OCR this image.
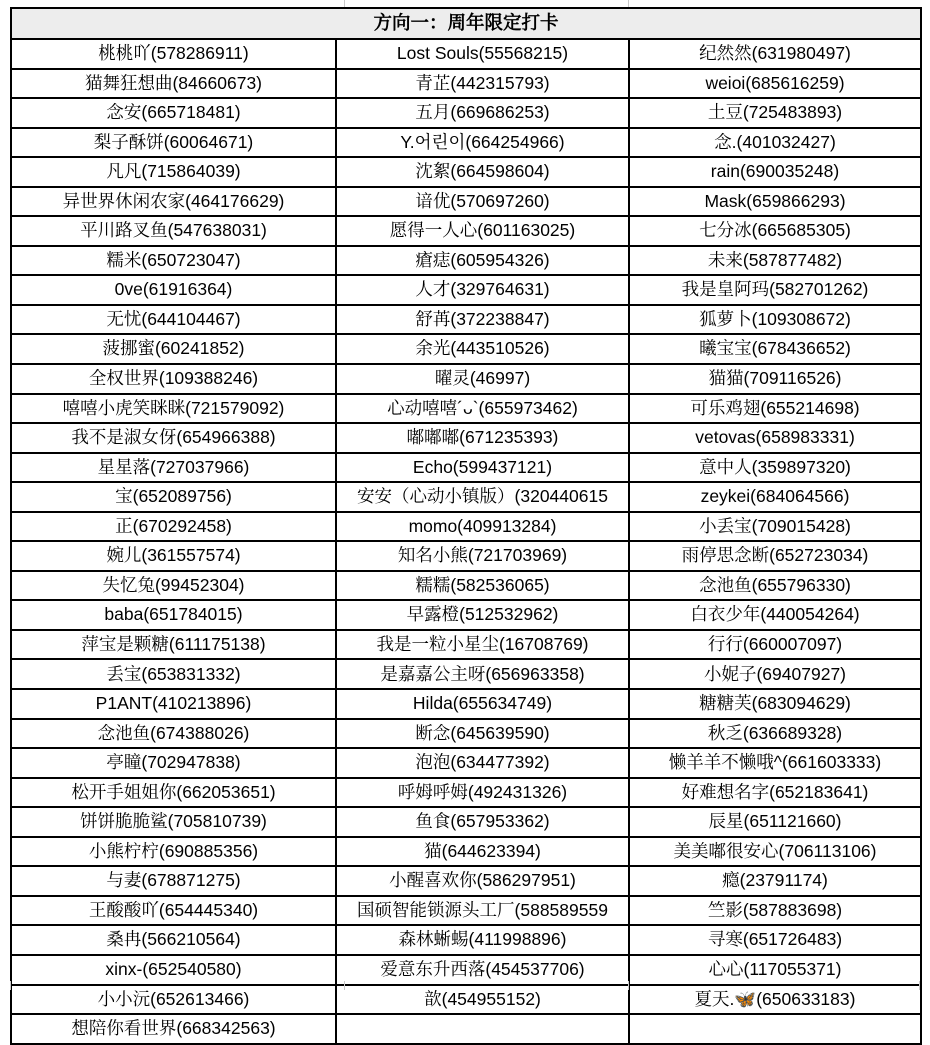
方向一：周年限定打卡		
桃桃吖(578286911)	Lost Souls(55568215)	纪然然(631980497)
猫舞狂想曲(84660673)	青芷(442315793)	weioi(685616259)
念安(665718481)	五月(669686253)	土豆(725483893)
梨子酥饼(60064671)	Y.어린이(664254966)	念.(401032427)
凡凡(715864039)	沈絮(664598604)	rain(690035248)
异世界休闲农家(464176629)	谙优(570697260)	Mask(659866293)
平川路叉鱼(547638031)	愿得一人心(601163025)	七分冰(665685305)
糯米(650723047)	瘡痣(605954326)	未来(587877482)
0ve(61916364)	人才(329764631)	我是皇阿玛(582701262)
无忧(644104467)	舒苒(372238847)	狐萝卜(109308672)
菠挪蜜(60241852)	余光(443510526)	曦宝宝(678436652)
全权世界(109388246)	曜灵(46997)	猫猫(709116526)
嘻嘻小虎笑眯眯(721579092)	心动嘻嘻´ᴗ`(655973462)	可乐鸡翅(655214698)
我不是淑女伢(654966388)	嘟嘟嘟(671235393)	vetovas(658983331)
星星落(727037966)	Echo(599437121)	意中人(359897320)
宝(652089756)	安安（心动小镇版）(320440615	zeykei(684064566)
正(670292458)	momo(409913284)	小丢宝(709015428)
婉儿(361557574)	知名小熊(721703969)	雨停思念断(652723034)
失忆兔(99452304)	糯糯(582536065)	念池鱼(655796330)
baba(651784015)	早露橙(512532962)	白衣少年(440054264)
萍宝是颗糖(611175138)	我是一粒小星尘(16708769)	行行(660007097)
丢宝(653831332)	是嘉嘉公主呀(656963358)	小妮子(69407927)
P1ANT(410213896)	Hilda(655634749)	糖糖芙(683094629)
念池鱼(674388026)	断念(645639590)	秋乏(636689328)
亭瞳(702947838)	泡泡(634477392)	懒羊羊不懒哦^(661603333)
松开手姐姐你(662053651)	呼姆呼姆(492431326)	好难想名字(652183641)
饼饼脆脆鲨(705810739)	鱼食(657953362)	辰星(651121660)
小熊柠柠(690885356)	猫(644623394)	美美嘟很安心(706113106)
与妻(678871275)	小醒喜欢你(586297951)	瘾(23791174)
王酸酸吖(654445340)	国硕智能锁源头工厂(588589559	竺影(587883698)
桑冉(566210564)	森林蜥蜴(411998896)	寻寒(651726483)
xinx-(652540580)	爱意东升西落(454537706)	心心(117055371)
小小沅(652613466)	歆(454955152)	夏天.🦋(650633183)
想陪你看世界(668342563)		
